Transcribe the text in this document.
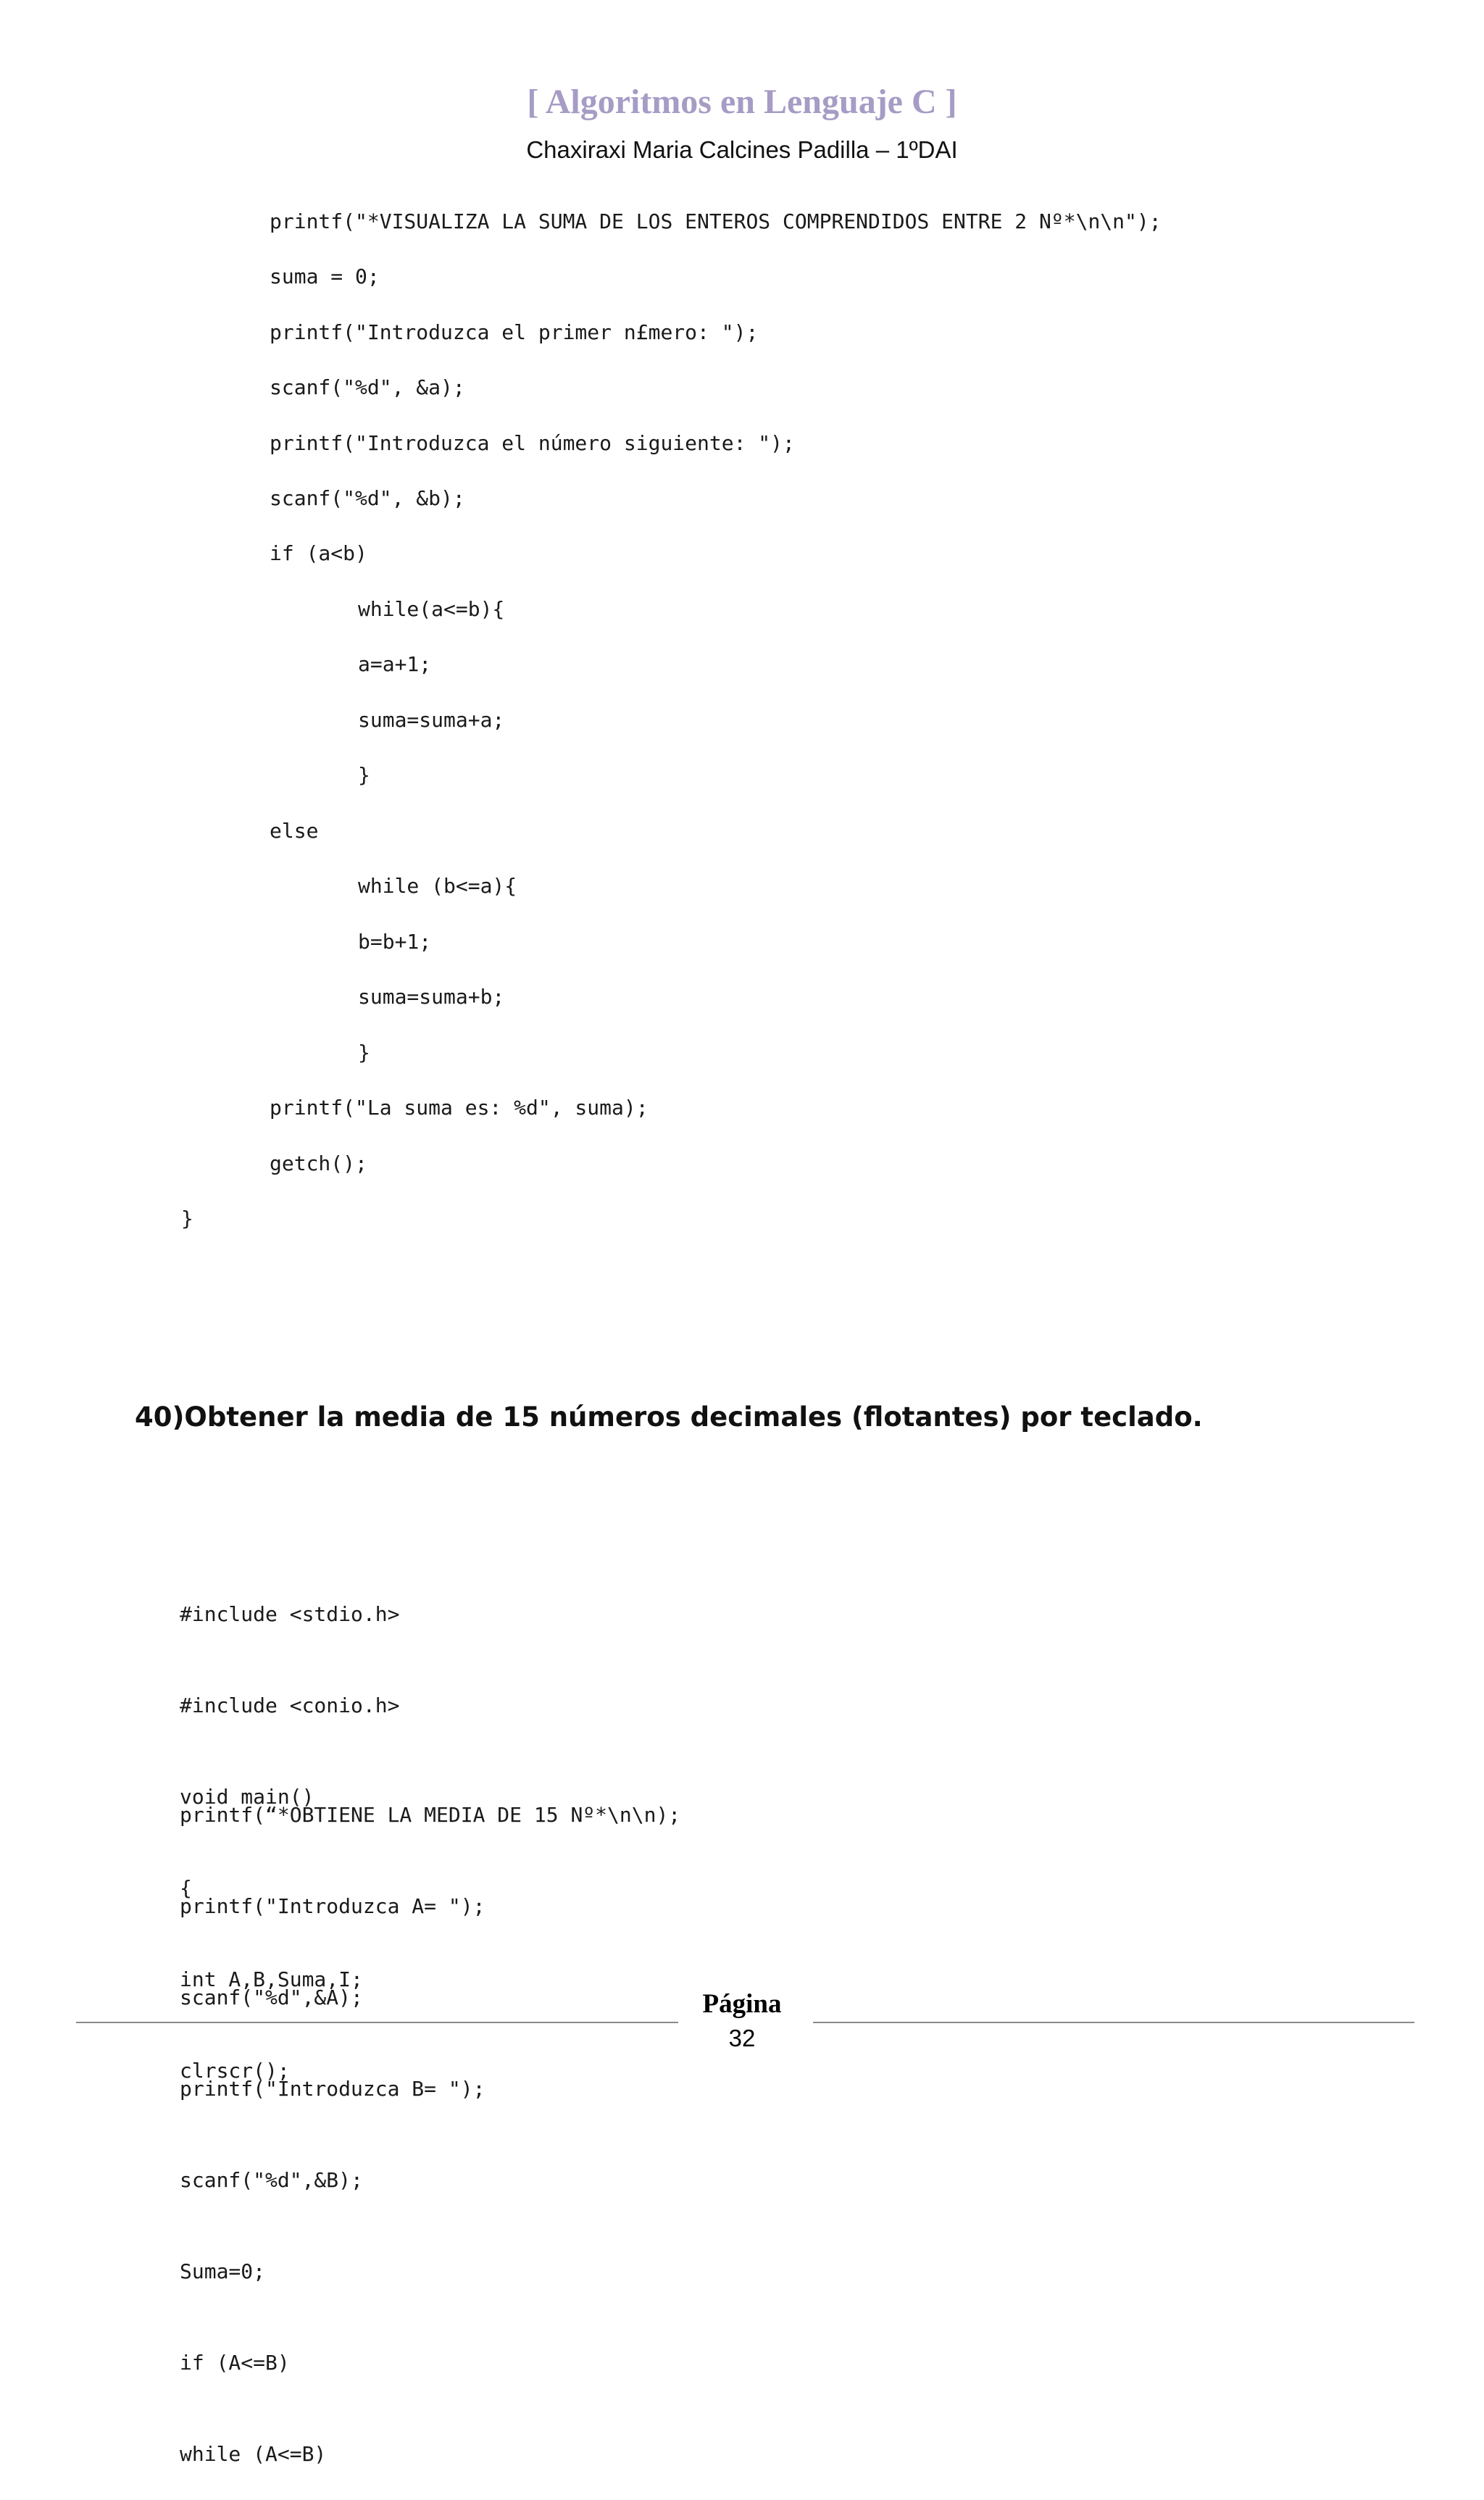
[ Algoritmos en Lenguaje C ]
Chaxiraxi Maria Calcines Padilla – 1ºDAI
printf("*VISUALIZA LA SUMA DE LOS ENTEROS COMPRENDIDOS ENTRE 2 Nº*\n\n");
suma = 0;
printf("Introduzca el primer n£mero: ");
scanf("%d", &a);
printf("Introduzca el número siguiente: ");
scanf("%d", &b);
if (a<b)
while(a<=b){
a=a+1;
suma=suma+a;
}
else
while (b<=a){
b=b+1;
suma=suma+b;
}
printf("La suma es: %d", suma);
getch();
}
40)Obtener la media de 15 números decimales (flotantes) por teclado.

#include <stdio.h>

#include <conio.h>

void main()

{

int A,B,Suma,I;

clrscr();

printf(“*OBTIENE LA MEDIA DE 15 Nº*\n\n);

printf("Introduzca A= ");

scanf("%d",&A);

printf("Introduzca B= ");

scanf("%d",&B);

Suma=0;

if (A<=B)

while (A<=B)

Página
32
